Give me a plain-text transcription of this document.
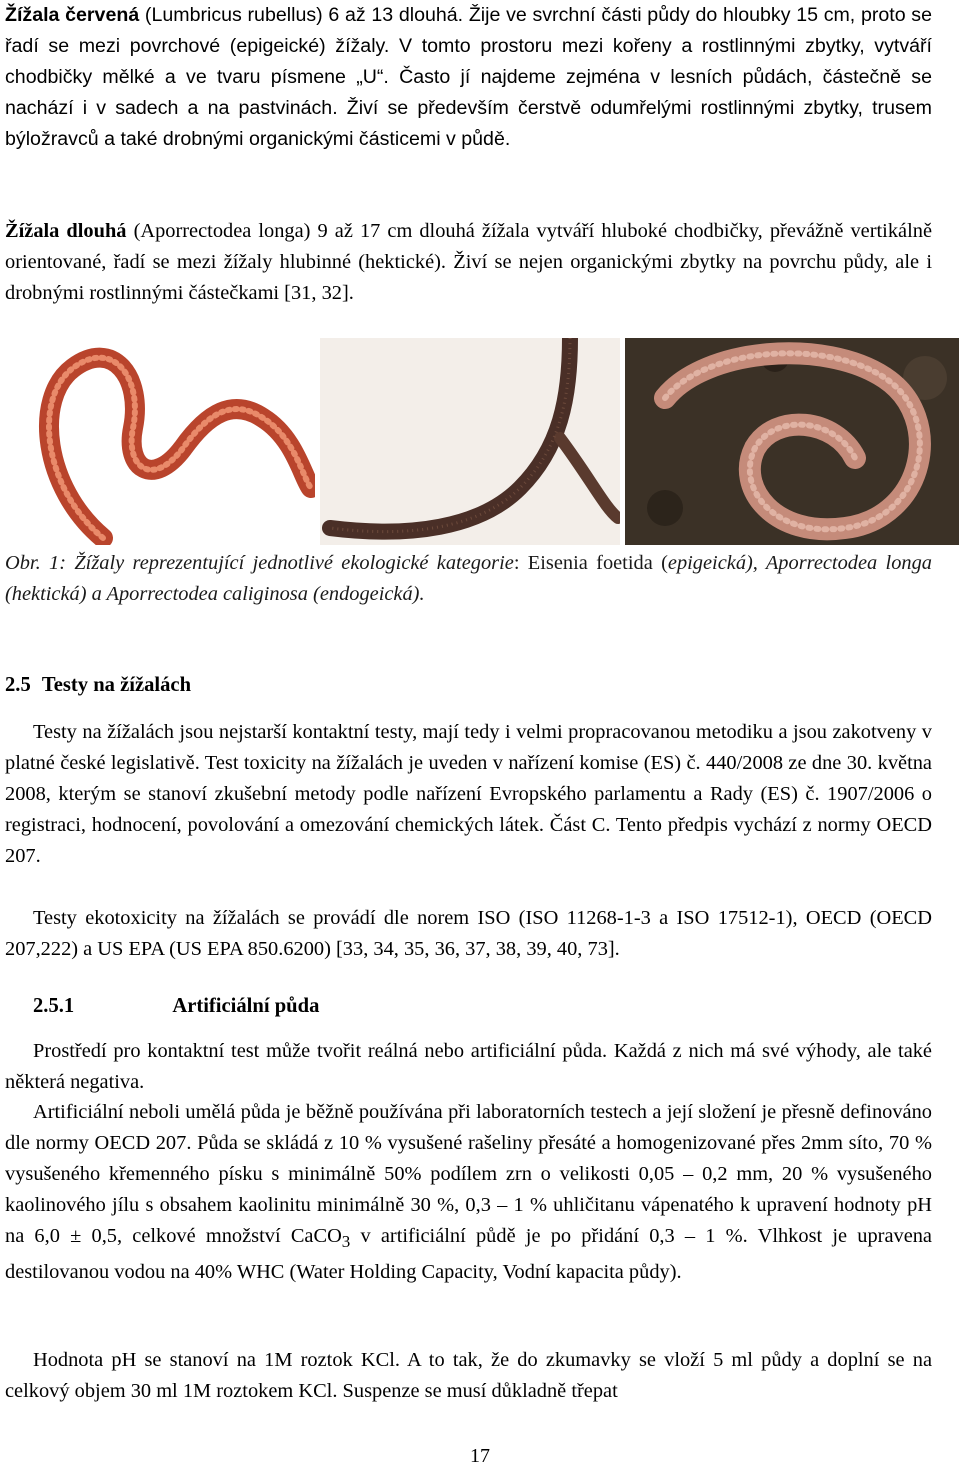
Žížala červená (Lumbricus rubellus) 6 až 13 dlouhá. Žije ve svrchní části půdy do hloubky 15 cm, proto se řadí se mezi povrchové (epigeické) žížaly. V tomto prostoru mezi kořeny a rostlinnými zbytky, vytváří chodbičky mělké a ve tvaru písmene „U“. Často jí najdeme zejména v lesních půdách, částečně se nachází i v sadech a na pastvinách. Živí se především čerstvě odumřelými rostlinnými zbytky, trusem býložravců a také drobnými organickými částicemi v půdě.

Žížala dlouhá (Aporrectodea longa) 9 až 17 cm dlouhá žížala vytváří hluboké chodbičky, převážně vertikálně orientované, řadí se mezi žížaly hlubinné (hektické). Živí se nejen organickými zbytky na povrchu půdy, ale i drobnými rostlinnými částečkami [31, 32].

Obr. 1: Žížaly reprezentující jednotlivé ekologické kategorie: Eisenia foetida (epigeická), Aporrectodea longa (hektická) a Aporrectodea caliginosa (endogeická).

2.5 Testy na žížalách

Testy na žížalách jsou nejstarší kontaktní testy, mají tedy i velmi propracovanou metodiku a jsou zakotveny v platné české legislativě. Test toxicity na žížalách je uveden v nařízení komise (ES) č. 440/2008 ze dne 30. května 2008, kterým se stanoví zkušební metody podle nařízení Evropského parlamentu a Rady (ES) č. 1907/2006 o registraci, hodnocení, povolování a omezování chemických látek. Část C. Tento předpis vychází z normy OECD 207.

Testy ekotoxicity na žížalách se provádí dle norem ISO (ISO 11268-1-3 a ISO 17512-1), OECD (OECD 207,222) a US EPA (US EPA 850.6200) [33, 34, 35, 36, 37, 38, 39, 40, 73].

2.5.1	Artificiální půda

Prostředí pro kontaktní test může tvořit reálná nebo artificiální půda. Každá z nich má své výhody, ale také některá negativa.

Artificiální neboli umělá půda je běžně používána při laboratorních testech a její složení je přesně definováno dle normy OECD 207. Půda se skládá z 10 % vysušené rašeliny přesáté a homogenizované přes 2mm síto, 70 % vysušeného křemenného písku s minimálně 50% podílem zrn o velikosti 0,05 – 0,2 mm, 20 % vysušeného kaolinového jílu s obsahem kaolinitu minimálně 30 %, 0,3 – 1 % uhličitanu vápenatého k upravení hodnoty pH na 6,0 ± 0,5, celkové množství CaCO$_3$ v artificiální půdě je po přidání 0,3 – 1 %. Vlhkost je upravena destilovanou vodou na 40% WHC (Water Holding Capacity, Vodní kapacita půdy).

Hodnota pH se stanoví na 1M roztok KCl. A to tak, že do zkumavky se vloží 5 ml půdy a doplní se na celkový objem 30 ml 1M roztokem KCl. Suspenze se musí důkladně třepat

17
